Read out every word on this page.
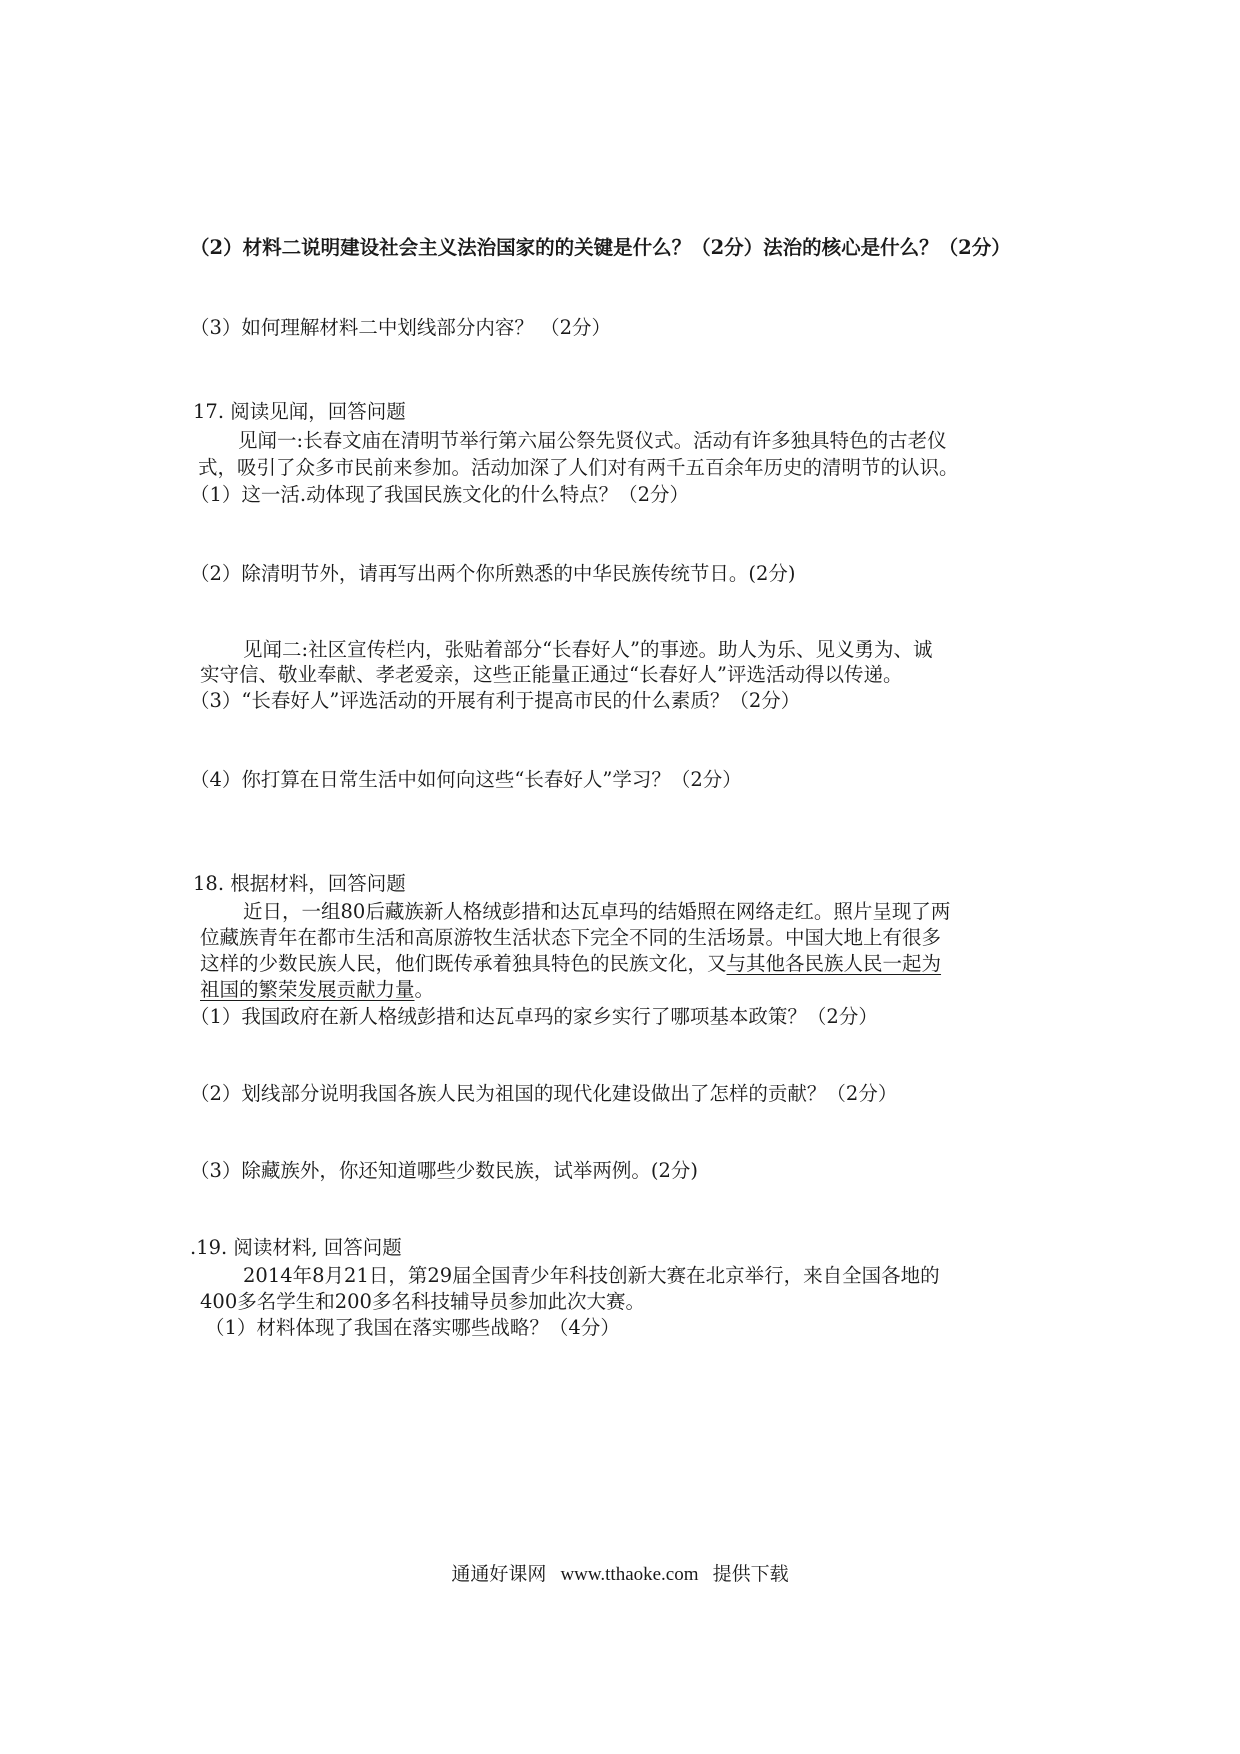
（2）材料二说明建设社会主义法治国家的的关键是什么？（2分）法治的核心是什么？（2分）
（3）如何理解材料二中划线部分内容？ （2分）
17. 阅读见闻，回答问题
见闻一:长春文庙在清明节举行第六届公祭先贤仪式。活动有许多独具特色的古老仪
式，吸引了众多市民前来参加。活动加深了人们对有两千五百余年历史的清明节的认识。
（1）这一活.动体现了我国民族文化的什么特点？（2分）
（2）除清明节外，请再写出两个你所熟悉的中华民族传统节日。(2分)
见闻二:社区宣传栏内，张贴着部分“长春好人”的事迹。助人为乐、见义勇为、诚
实守信、敬业奉献、孝老爱亲，这些正能量正通过“长春好人”评选活动得以传递。
（3）“长春好人”评选活动的开展有利于提高市民的什么素质？（2分）
（4）你打算在日常生活中如何向这些“长春好人”学习？（2分）
18. 根据材料，回答问题
近日，一组80后藏族新人格绒彭措和达瓦卓玛的结婚照在网络走红。照片呈现了两
位藏族青年在都市生活和高原游牧生活状态下完全不同的生活场景。中国大地上有很多
这样的少数民族人民，他们既传承着独具特色的民族文化，又与其他各民族人民一起为
祖国的繁荣发展贡献力量。
（1）我国政府在新人格绒彭措和达瓦卓玛的家乡实行了哪项基本政策？（2分）
（2）划线部分说明我国各族人民为祖国的现代化建设做出了怎样的贡献？（2分）
（3）除藏族外，你还知道哪些少数民族，试举两例。(2分)
.19. 阅读材料, 回答问题
2014年8月21日，第29届全国青少年科技创新大赛在北京举行，来自全国各地的
400多名学生和200多名科技辅导员参加此次大赛。
（1）材料体现了我国在落实哪些战略？（4分）
通通好课网 www.tthaoke.com 提供下载
